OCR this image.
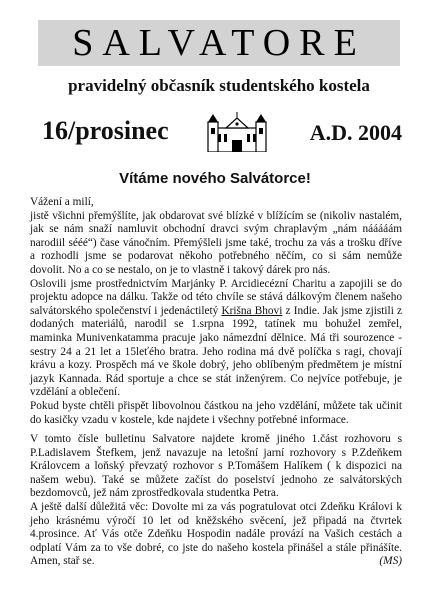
SALVATORE
pravidelný občasník studentského kostela
16/prosinec	A.D. 2004
Vítáme nového Salvátorce!

Vážení a milí,

jistě všichni přemýšlíte, jak obdarovat své blízké v blížícím se (nikoliv nastalém, jak se nám snaží namluvit obchodní dravci svým chraplavým „nám nááááám narodiil sééé“) čase vánočním. Přemýšleli jsme také, trochu za vás a trošku dříve a rozhodli jsme se podarovat někoho potřebného něčím, co si sám nemůže dovolit. No a co se nestalo, on je to vlastně i takový dárek pro nás.

Oslovili jsme prostřednictvím Marjánky P. Arcidiecézní Charitu a zapojili se do projektu adopce na dálku. Takže od této chvíle se stává dálkovým členem našeho salvátorského společenství i jedenáctiletý Krišna Bhovi z Indie. Jak jsme zjistili z dodaných materiálů, narodil se 1.srpna 1992, tatínek mu bohužel zemřel, maminka Munivenkatamma pracuje jako námezdní dělnice. Má tři sourozence - sestry 24 a 21 let a 15leťého bratra. Jeho rodina má dvě políčka s ragi, chovají krávu a kozy. Prospěch má ve škole dobrý, jeho oblíbeným předmětem je místní jazyk Kannada. Rád sportuje a chce se stát inženýrem. Co nejvíce potřebuje, je vzdělání a oblečení.

Pokud byste chtěli přispět libovolnou částkou na jeho vzdělání, můžete tak učinit do kasičky vzadu v kostele, kde najdete i všechny potřebné informace.

V tomto čísle bulletinu Salvatore najdete kromě jiného 1.část rozhovoru s P.Ladislavem Štefkem, jenž navazuje na letošní jarní rozhovory s P.Zdeňkem Královcem a loňský převzatý rozhovor s P.Tomášem Halíkem ( k dispozici na našem webu). Také se můžete začíst do poselství jednoho ze salvátorských bezdomovců, jež nám zprostředkovala studentka Petra.

A ještě další důležitá věc: Dovolte mi za vás pogratulovat otci Zdeňku Královi k jeho krásnému výročí 10 let od kněžského svěcení, jež připadá na čtvrtek 4.prosince. Ať Vás otče Zdeňku Hospodin nadále provází na Vašich cestách a odplatí Vám za to vše dobré, co jste do našeho kostela přinášel a stále přinášíte. Amen, stař se.	(MS)
